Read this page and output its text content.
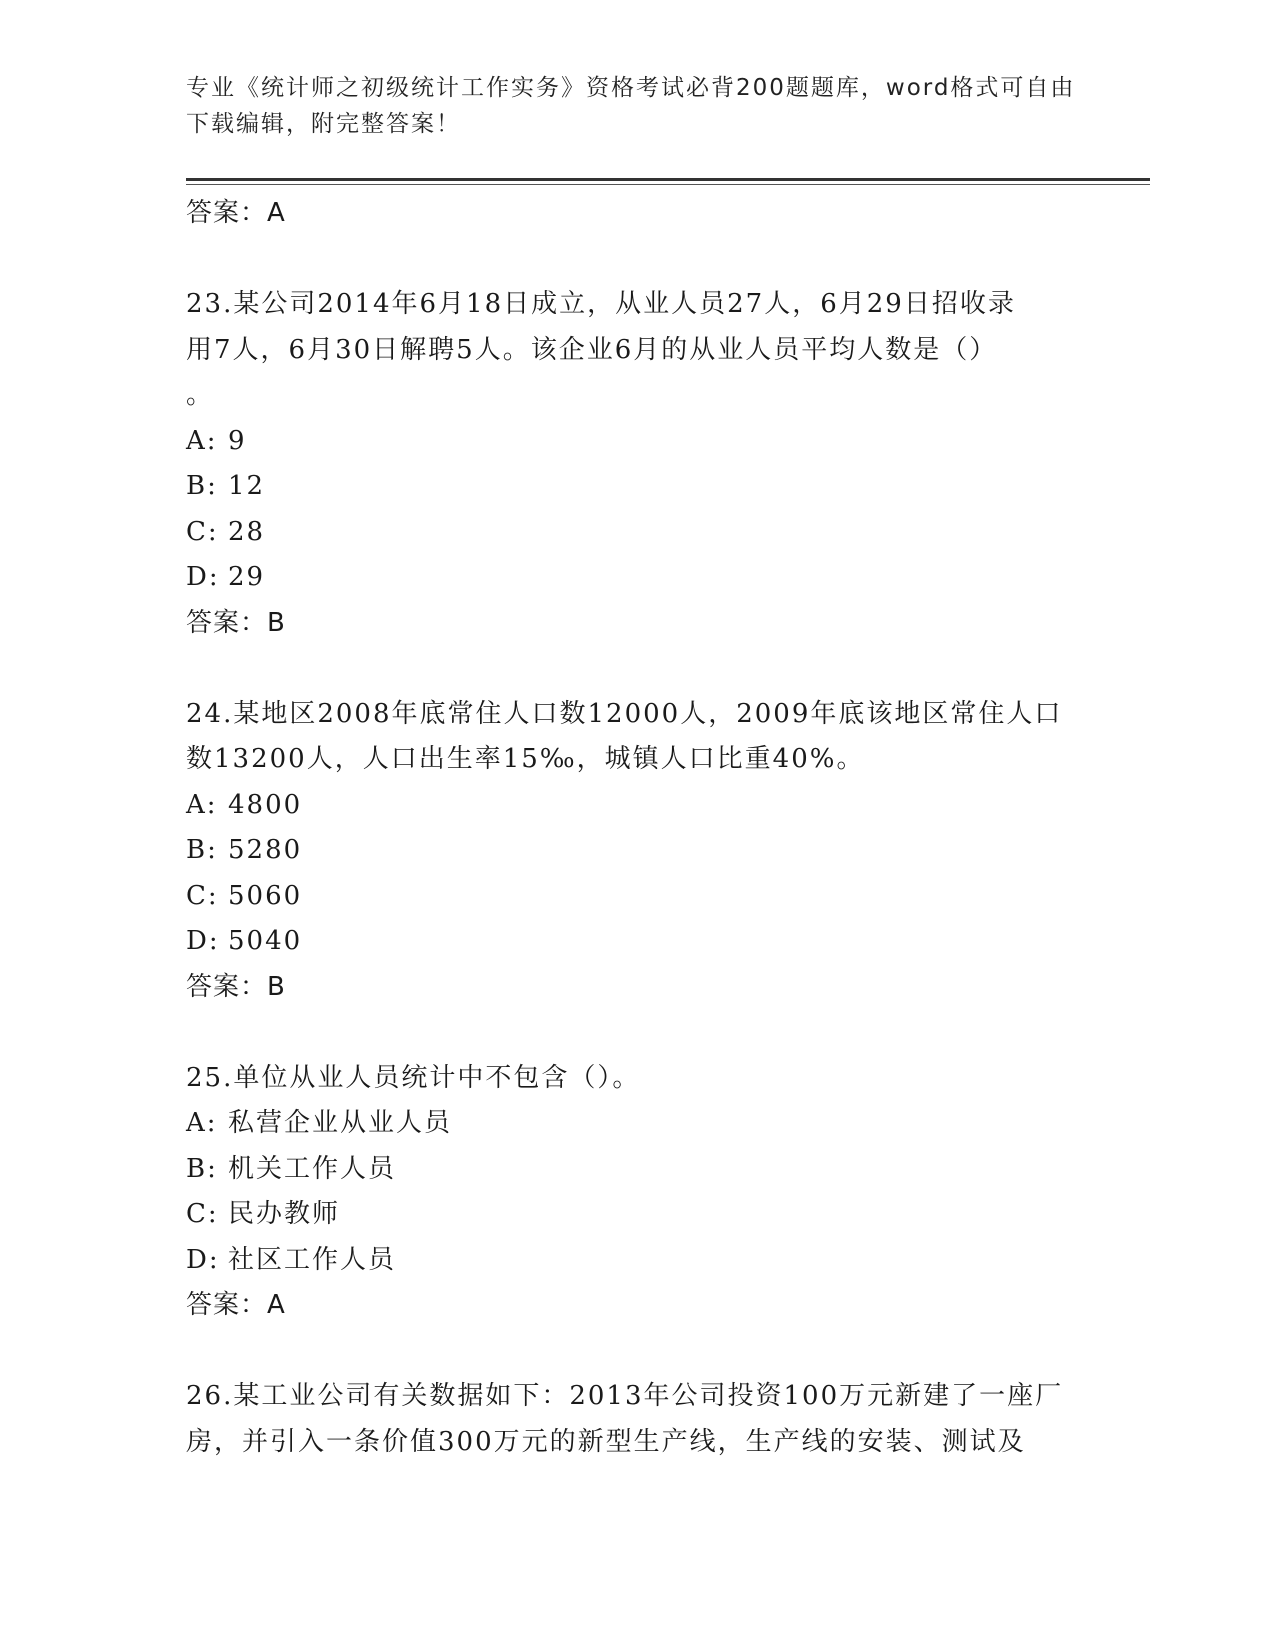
专业《统计师之初级统计工作实务》资格考试必背200题题库，word格式可自由
下载编辑，附完整答案！
答案：A
23.某公司2014年6月18日成立，从业人员27人，6月29日招收录
用7人，6月30日解聘5人。该企业6月的从业人员平均人数是（）
。
A: 9
B: 12
C: 28
D: 29
答案：B
24.某地区2008年底常住人口数12000人，2009年底该地区常住人口
数13200人，人口出生率15‰，城镇人口比重40%。
A: 4800
B: 5280
C: 5060
D: 5040
答案：B
25.单位从业人员统计中不包含（）。
A: 私营企业从业人员
B: 机关工作人员
C: 民办教师
D: 社区工作人员
答案：A
26.某工业公司有关数据如下：2013年公司投资100万元新建了一座厂
房，并引入一条价值300万元的新型生产线，生产线的安装、测试及
